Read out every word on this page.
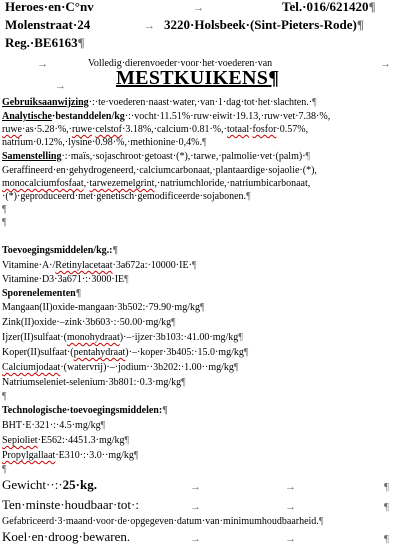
Heroes·en·C°nv	→	Tel.·016/621420¶
Molenstraat·24	→ 3220·Holsbeek·(Sint-Pieters-Rode)¶
Reg.·BE6163¶
→	Volledig·dierenvoeder·voor·het·voederen·van	→
→	MESTKUIKENS¶
Gebruiksaanwijzing·:·te·voederen·naast·water,·van·1·dag·tot·het·slachten.·¶
Analytische·bestanddelen/kg·:·vocht·11.51%·ruw·eiwit·19.13,·ruw·vet·7.38·%,
ruwe·as·5.28·%,·ruwe·celstof·3.18%,·calcium·0.81·%,·totaal·fosfor·0.57%,
natrium·0.12%,·lysine·0.98·%,·methionine·0,4%.¶
Samenstelling·:·maïs,·sojaschroot·getoast·(*),·tarwe,·palmolie·vet·(palm)·¶
Geraffineerd·en·gehydrogeneerd,·calciumcarbonaat,·plantaardige·sojaolie·(*),
monocalciumfosfaat,·tarwezemelgrint,·natriumchloride,·natriumbicarbonaat,
·(*)·geproduceerd·met·genetisch·gemodificeerde·sojabonen.¶
¶
¶
Toevoegingsmiddelen/kg.:¶
Vitamine·A·/Retinylacetaat·3a672a:·10000·IE·¶
Vitamine·D3·3a671·:·3000·IE¶
Sporenelementen¶
Mangaan(II)oxide-mangaan·3b502:·79.90·mg/kg¶
Zink(II)oxide·–zink·3b603·:·50.00·mg/kg¶
Ijzer(II)sulfaat·(monohydraat)·–·ijzer·3b103:·41.00·mg/kg¶
Koper(II)sulfaat·(pentahydraat)·–·koper·3b405:·15.0·mg/kg¶
Calciumjodaat·(watervrij)·–·jodium··3b202:·1.00··mg/kg¶
Natriumseleniet-selenium·3b801:·0.3·mg/kg¶
¶
Technologische·toevoegingsmiddelen:¶
BHT·E·321·:·4.5·mg/kg¶
Sepioliet·E562:·4451.3·mg/kg¶
Propylgallaat·E310·:·3.0··mg/kg¶
¶
Gewicht··:·25·kg.	→	→	¶
Ten·minste·houdbaar·tot·:	→	→	¶
Gefabriceerd·3·maand·voor·de·opgegeven·datum·van·minimumhoudbaarheid.¶
Koel·en·droog·bewaren.	→	→	¶
